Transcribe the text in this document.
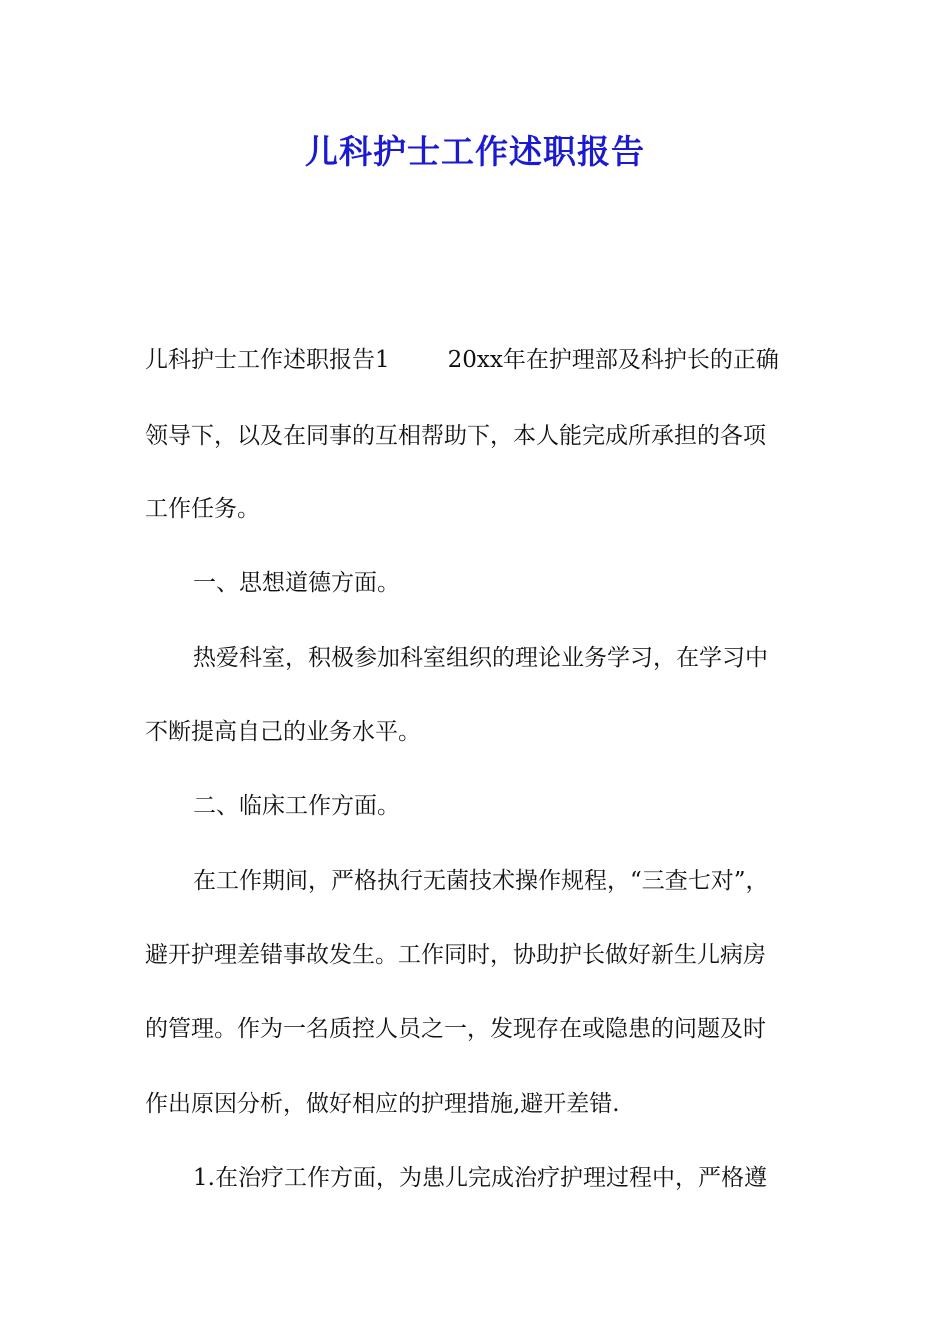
儿科护士工作述职报告
儿科护士工作述职报告1	20xx年在护理部及科护长的正确
领导下，以及在同事的互相帮助下，本人能完成所承担的各项
工作任务。
一、思想道德方面。
热爱科室，积极参加科室组织的理论业务学习，在学习中
不断提高自己的业务水平。
二、临床工作方面。
在工作期间，严格执行无菌技术操作规程，“三查七对”，
避开护理差错事故发生。工作同时，协助护长做好新生儿病房
的管理。作为一名质控人员之一，发现存在或隐患的问题及时
作出原因分析，做好相应的护理措施,避开差错.
1.在治疗工作方面，为患儿完成治疗护理过程中，严格遵
